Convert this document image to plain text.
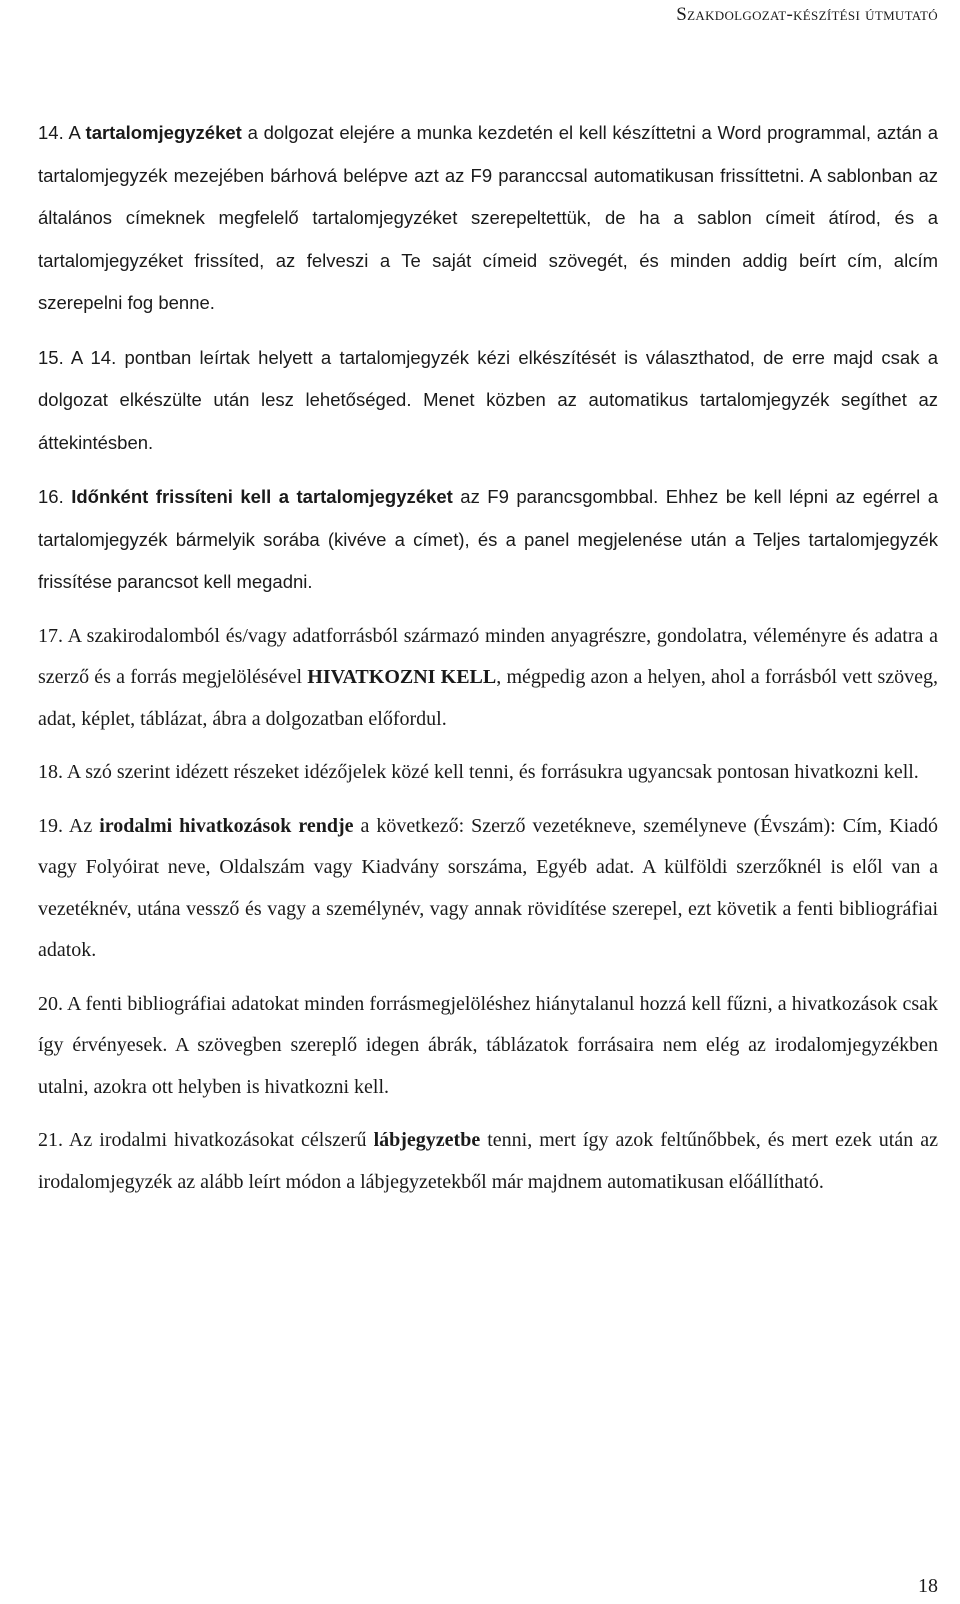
Szakdolgozat-készítési útmutató

14. A tartalomjegyzéket a dolgozat elejére a munka kezdetén el kell készíttetni a Word programmal, aztán a tartalomjegyzék mezejében bárhová belépve azt az F9 paranccsal automatikusan frissíttetni. A sablonban az általános címeknek megfelelő tartalomjegyzéket szerepeltettük, de ha a sablon címeit átírod, és a tartalomjegyzéket frissíted, az felveszi a Te saját címeid szövegét, és minden addig beírt cím, alcím szerepelni fog benne.

15. A 14. pontban leírtak helyett a tartalomjegyzék kézi elkészítését is választhatod, de erre majd csak a dolgozat elkészülte után lesz lehetőséged. Menet közben az automatikus tartalomjegyzék segíthet az áttekintésben.

16. Időnként frissíteni kell a tartalomjegyzéket az F9 parancsgombbal. Ehhez be kell lépni az egérrel a tartalomjegyzék bármelyik sorába (kivéve a címet), és a panel megjelenése után a Teljes tartalomjegyzék frissítése parancsot kell megadni.

17. A szakirodalomból és/vagy adatforrásból származó minden anyagrészre, gondolatra, véleményre és adatra a szerző és a forrás megjelölésével HIVATKOZNI KELL, mégpedig azon a helyen, ahol a forrásból vett szöveg, adat, képlet, táblázat, ábra a dolgozatban előfordul.

18. A szó szerint idézett részeket idézőjelek közé kell tenni, és forrásukra ugyancsak pontosan hivatkozni kell.

19. Az irodalmi hivatkozások rendje a következő: Szerző vezetékneve, személyneve (Évszám): Cím, Kiadó vagy Folyóirat neve, Oldalszám vagy Kiadvány sorszáma, Egyéb adat. A külföldi szerzőknél is elől van a vezetéknév, utána vessző és vagy a személynév, vagy annak rövidítése szerepel, ezt követik a fenti bibliográfiai adatok.

20. A fenti bibliográfiai adatokat minden forrásmegjelöléshez hiánytalanul hozzá kell fűzni, a hivatkozások csak így érvényesek. A szövegben szereplő idegen ábrák, táblázatok forrásaira nem elég az irodalomjegyzékben utalni, azokra ott helyben is hivatkozni kell.

21. Az irodalmi hivatkozásokat célszerű lábjegyzetbe tenni, mert így azok feltűnőbbek, és mert ezek után az irodalomjegyzék az alább leírt módon a lábjegyzetekből már majdnem automatikusan előállítható.

18
